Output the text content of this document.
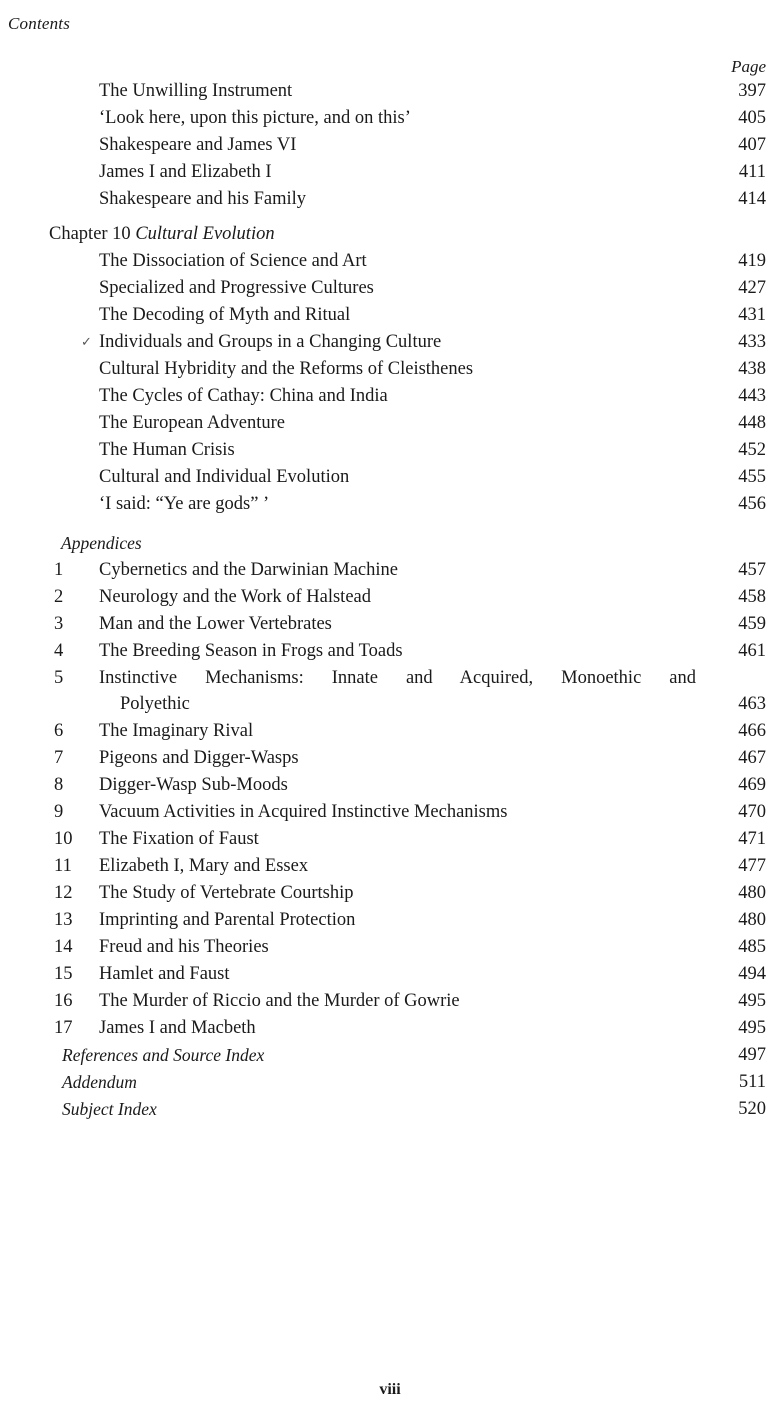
Contents
Page
The Unwilling Instrument	397
‘Look here, upon this picture, and on this’	405
Shakespeare and James VI	407
James I and Elizabeth I	411
Shakespeare and his Family	414
Chapter 10 Cultural Evolution
The Dissociation of Science and Art	419
Specialized and Progressive Cultures	427
The Decoding of Myth and Ritual	431
✓ Individuals and Groups in a Changing Culture	433
Cultural Hybridity and the Reforms of Cleisthenes	438
The Cycles of Cathay: China and India	443
The European Adventure	448
The Human Crisis	452
Cultural and Individual Evolution	455
‘I said: “Ye are gods” ’	456
Appendices
1	Cybernetics and the Darwinian Machine	457
2	Neurology and the Work of Halstead	458
3	Man and the Lower Vertebrates	459
4	The Breeding Season in Frogs and Toads	461
5	Instinctive Mechanisms: Innate and Acquired, Monoethic and
Polyethic	463
6	The Imaginary Rival	466
7	Pigeons and Digger-Wasps	467
8	Digger-Wasp Sub-Moods	469
9	Vacuum Activities in Acquired Instinctive Mechanisms	470
10	The Fixation of Faust	471
11	Elizabeth I, Mary and Essex	477
12	The Study of Vertebrate Courtship	480
13	Imprinting and Parental Protection	480
14	Freud and his Theories	485
15	Hamlet and Faust	494
16	The Murder of Riccio and the Murder of Gowrie	495
17	James I and Macbeth	495
References and Source Index	497
Addendum	511
Subject Index	520
viii
